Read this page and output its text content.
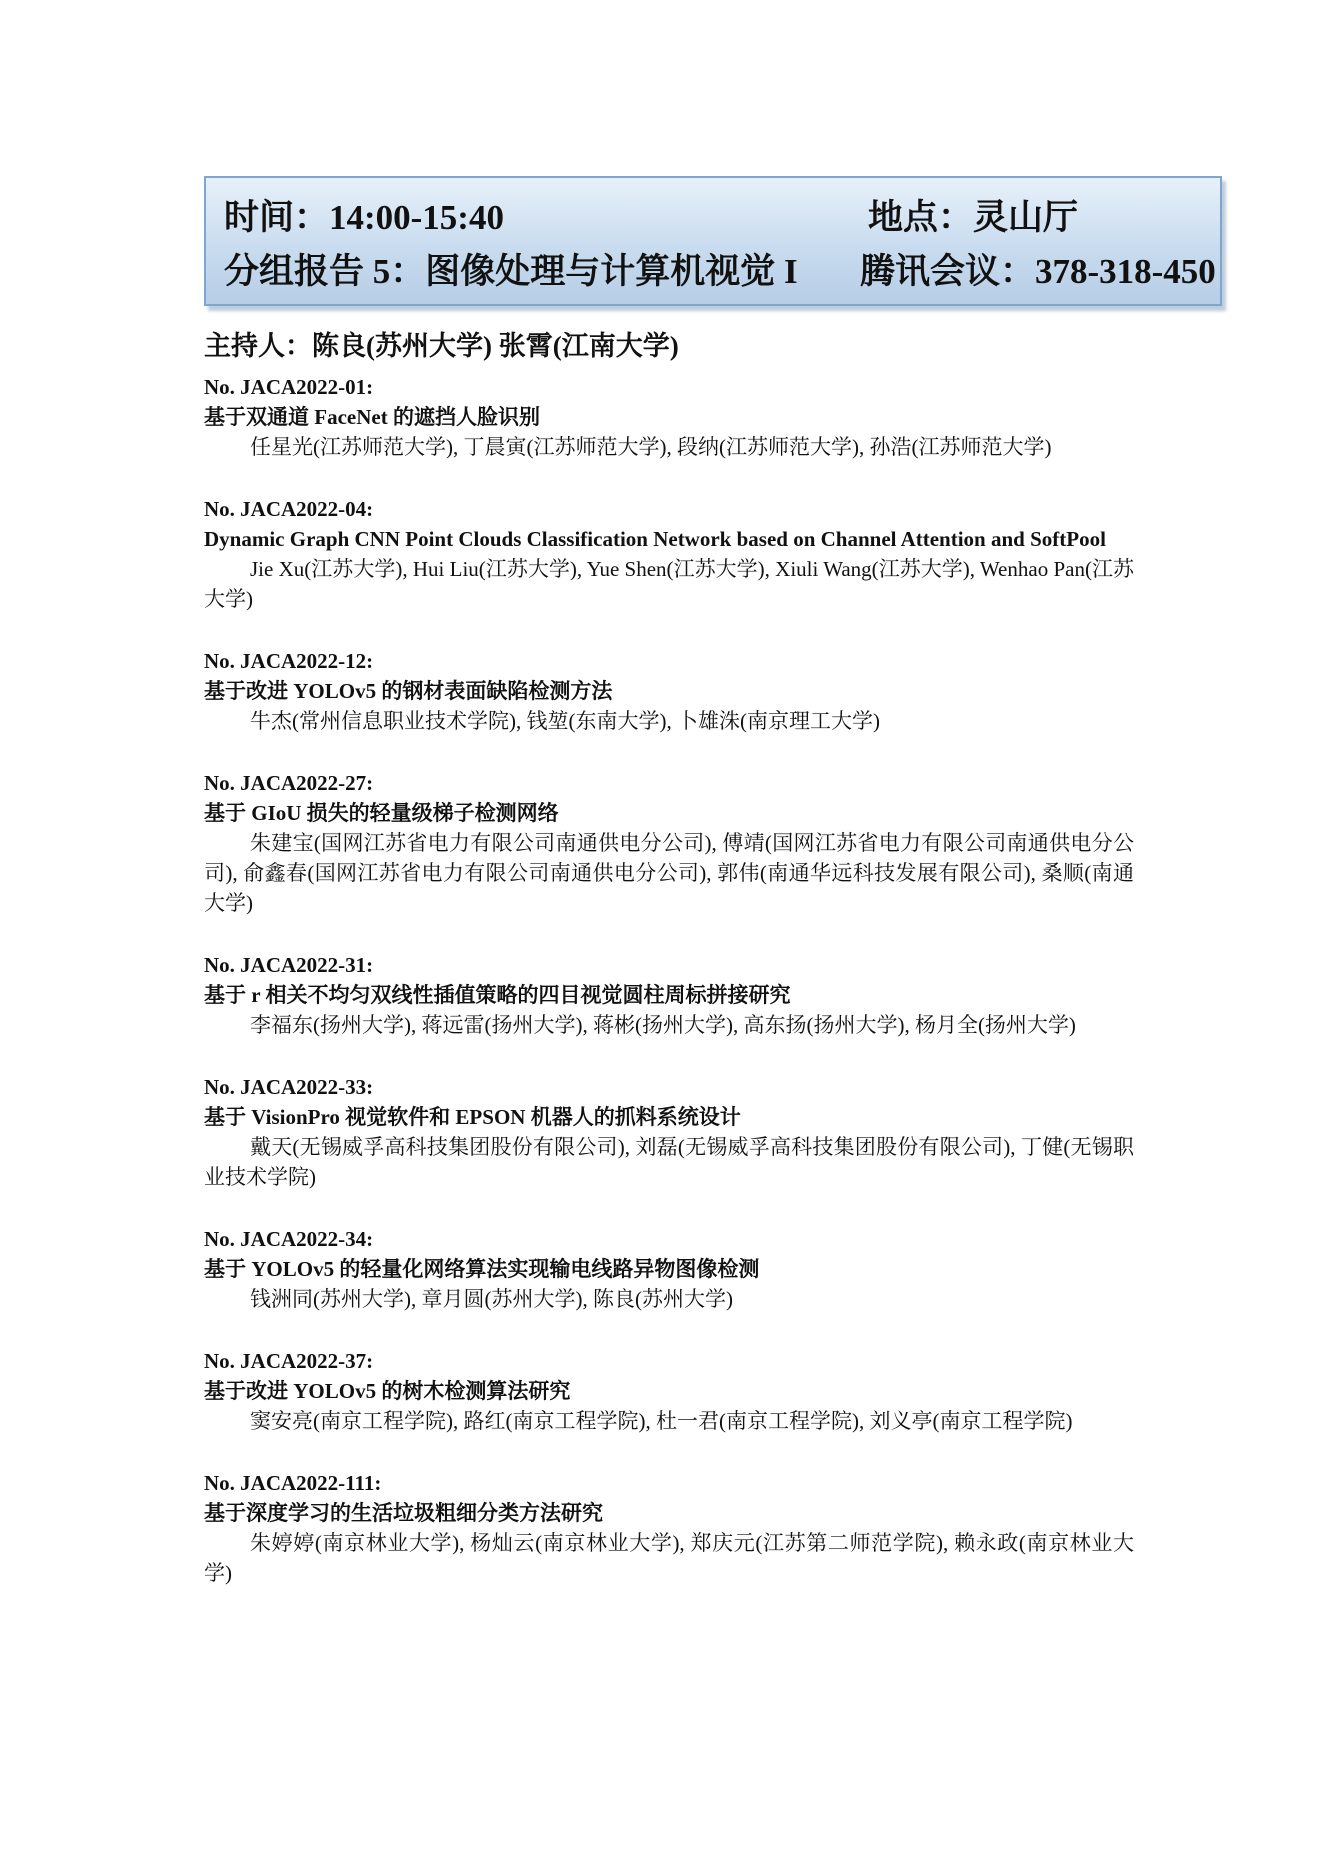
时间：14:00-15:40	地点：灵山厅
分组报告 5：图像处理与计算机视觉 I 腾讯会议：378-318-450
主持人：陈良(苏州大学) 张霄(江南大学)
No. JACA2022-01:
基于双通道 FaceNet 的遮挡人脸识别
任星光(江苏师范大学), 丁晨寅(江苏师范大学), 段纳(江苏师范大学), 孙浩(江苏师范大学)
No. JACA2022-04:
Dynamic Graph CNN Point Clouds Classification Network based on Channel Attention and SoftPool
Jie Xu(江苏大学), Hui Liu(江苏大学), Yue Shen(江苏大学), Xiuli Wang(江苏大学), Wenhao Pan(江苏大学)
No. JACA2022-12:
基于改进 YOLOv5 的钢材表面缺陷检测方法
牛杰(常州信息职业技术学院), 钱堃(东南大学), 卜雄洙(南京理工大学)
No. JACA2022-27:
基于 GIoU 损失的轻量级梯子检测网络
朱建宝(国网江苏省电力有限公司南通供电分公司), 傅靖(国网江苏省电力有限公司南通供电分公司), 俞鑫春(国网江苏省电力有限公司南通供电分公司), 郭伟(南通华远科技发展有限公司), 桑顺(南通大学)
No. JACA2022-31:
基于 r 相关不均匀双线性插值策略的四目视觉圆柱周标拼接研究
李福东(扬州大学), 蒋远雷(扬州大学), 蒋彬(扬州大学), 高东扬(扬州大学), 杨月全(扬州大学)
No. JACA2022-33:
基于 VisionPro 视觉软件和 EPSON 机器人的抓料系统设计
戴天(无锡威孚高科技集团股份有限公司), 刘磊(无锡威孚高科技集团股份有限公司), 丁健(无锡职业技术学院)
No. JACA2022-34:
基于 YOLOv5 的轻量化网络算法实现输电线路异物图像检测
钱洲同(苏州大学), 章月圆(苏州大学), 陈良(苏州大学)
No. JACA2022-37:
基于改进 YOLOv5 的树木检测算法研究
窦安亮(南京工程学院), 路红(南京工程学院), 杜一君(南京工程学院), 刘义亭(南京工程学院)
No. JACA2022-111:
基于深度学习的生活垃圾粗细分类方法研究
朱婷婷(南京林业大学), 杨灿云(南京林业大学), 郑庆元(江苏第二师范学院), 赖永政(南京林业大学)
